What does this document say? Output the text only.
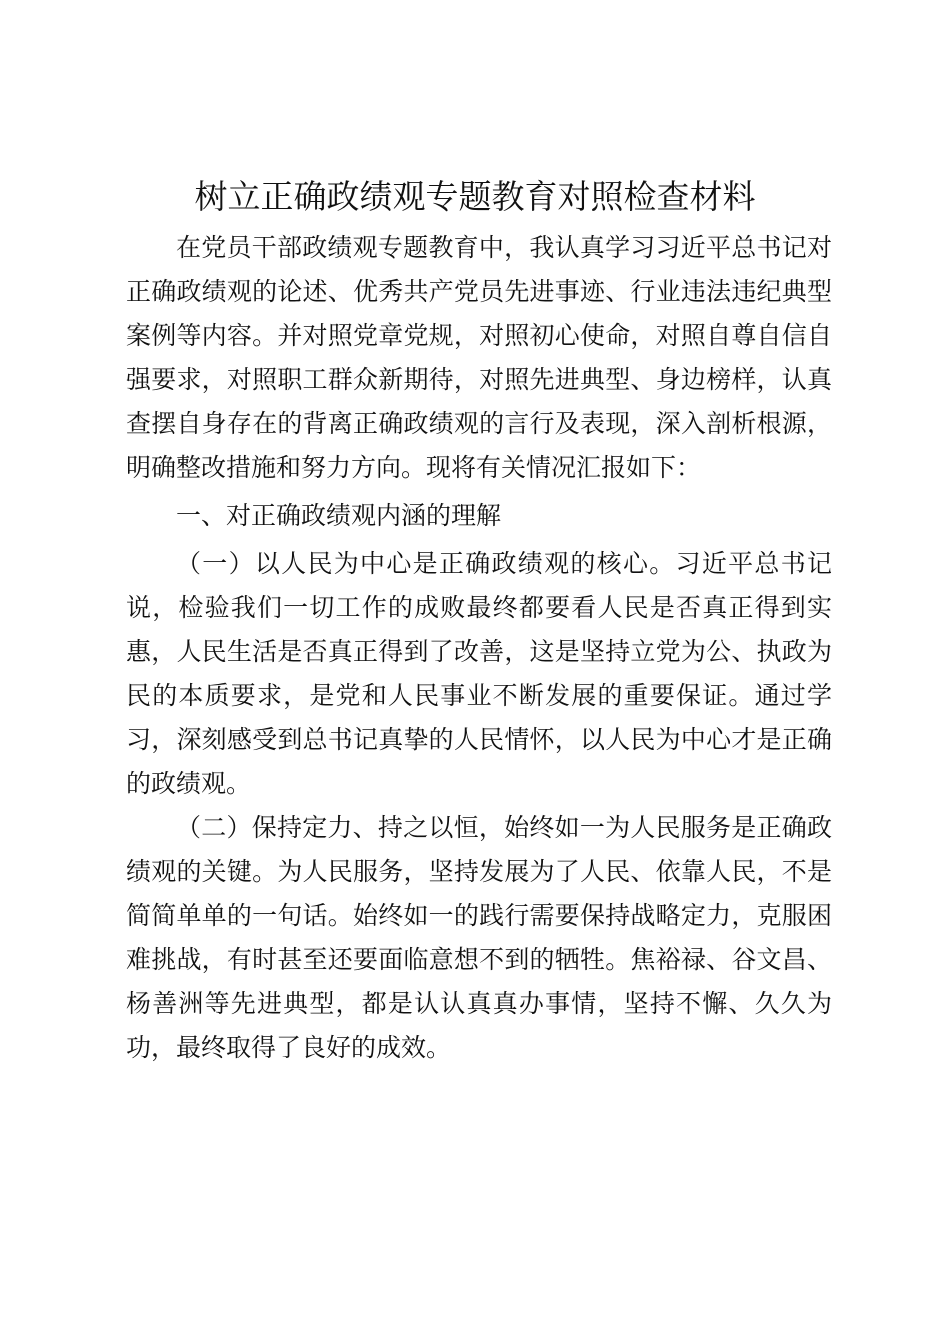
树立正确政绩观专题教育对照检查材料

在党员干部政绩观专题教育中，我认真学习习近平总书记对正确政绩观的论述、优秀共产党员先进事迹、行业违法违纪典型案例等内容。并对照党章党规，对照初心使命，对照自尊自信自强要求，对照职工群众新期待，对照先进典型、身边榜样，认真查摆自身存在的背离正确政绩观的言行及表现，深入剖析根源，明确整改措施和努力方向。现将有关情况汇报如下：

一、对正确政绩观内涵的理解

（一）以人民为中心是正确政绩观的核心。习近平总书记说，检验我们一切工作的成败最终都要看人民是否真正得到实惠，人民生活是否真正得到了改善，这是坚持立党为公、执政为民的本质要求，是党和人民事业不断发展的重要保证。通过学习，深刻感受到总书记真挚的人民情怀，以人民为中心才是正确的政绩观。

（二）保持定力、持之以恒，始终如一为人民服务是正确政绩观的关键。为人民服务，坚持发展为了人民、依靠人民，不是简简单单的一句话。始终如一的践行需要保持战略定力，克服困难挑战，有时甚至还要面临意想不到的牺牲。焦裕禄、谷文昌、杨善洲等先进典型，都是认认真真办事情，坚持不懈、久久为功，最终取得了良好的成效。
